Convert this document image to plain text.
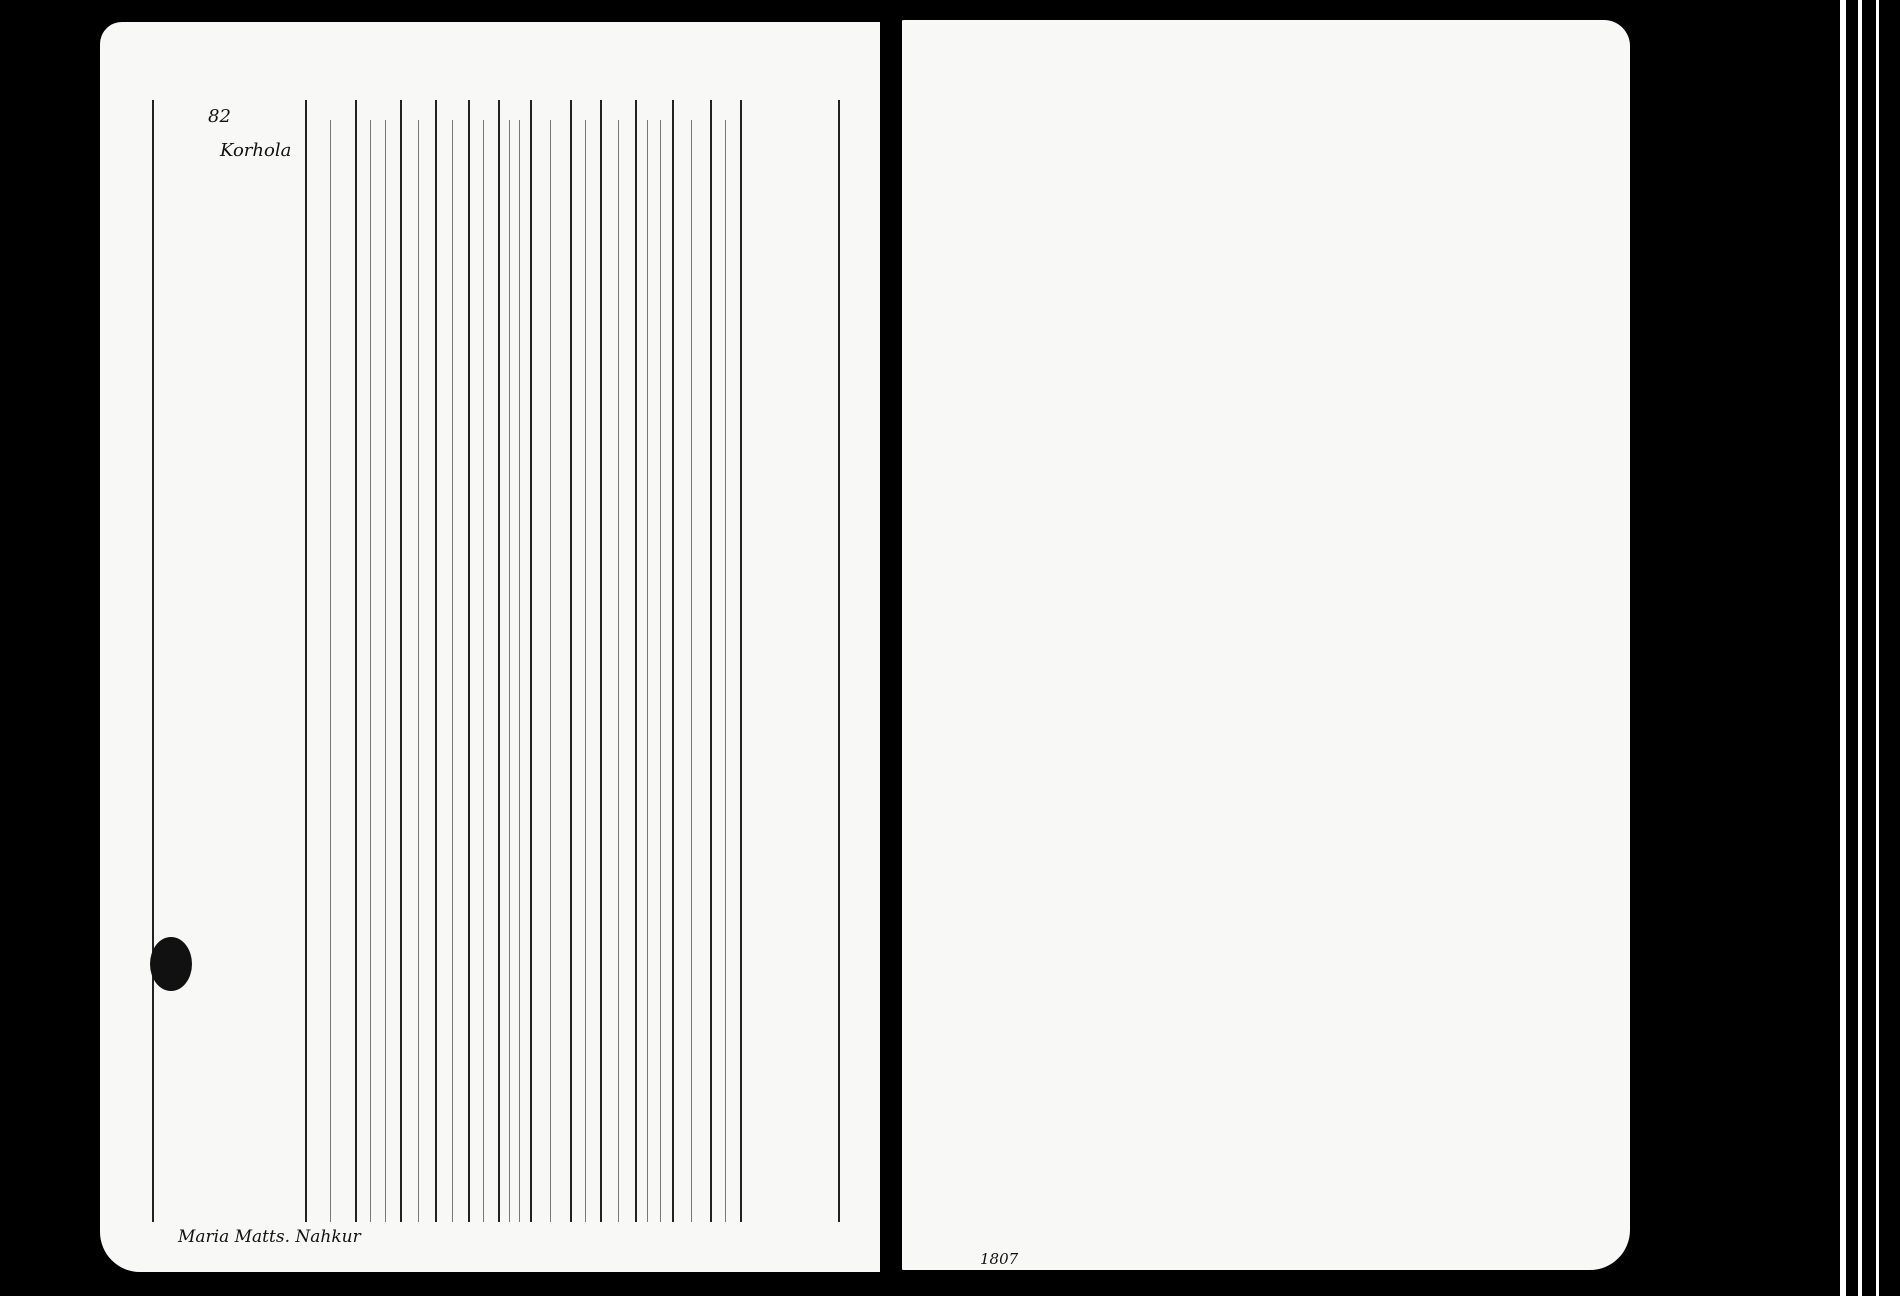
82
Korhola
Maria Matts. Nahkur
1807
